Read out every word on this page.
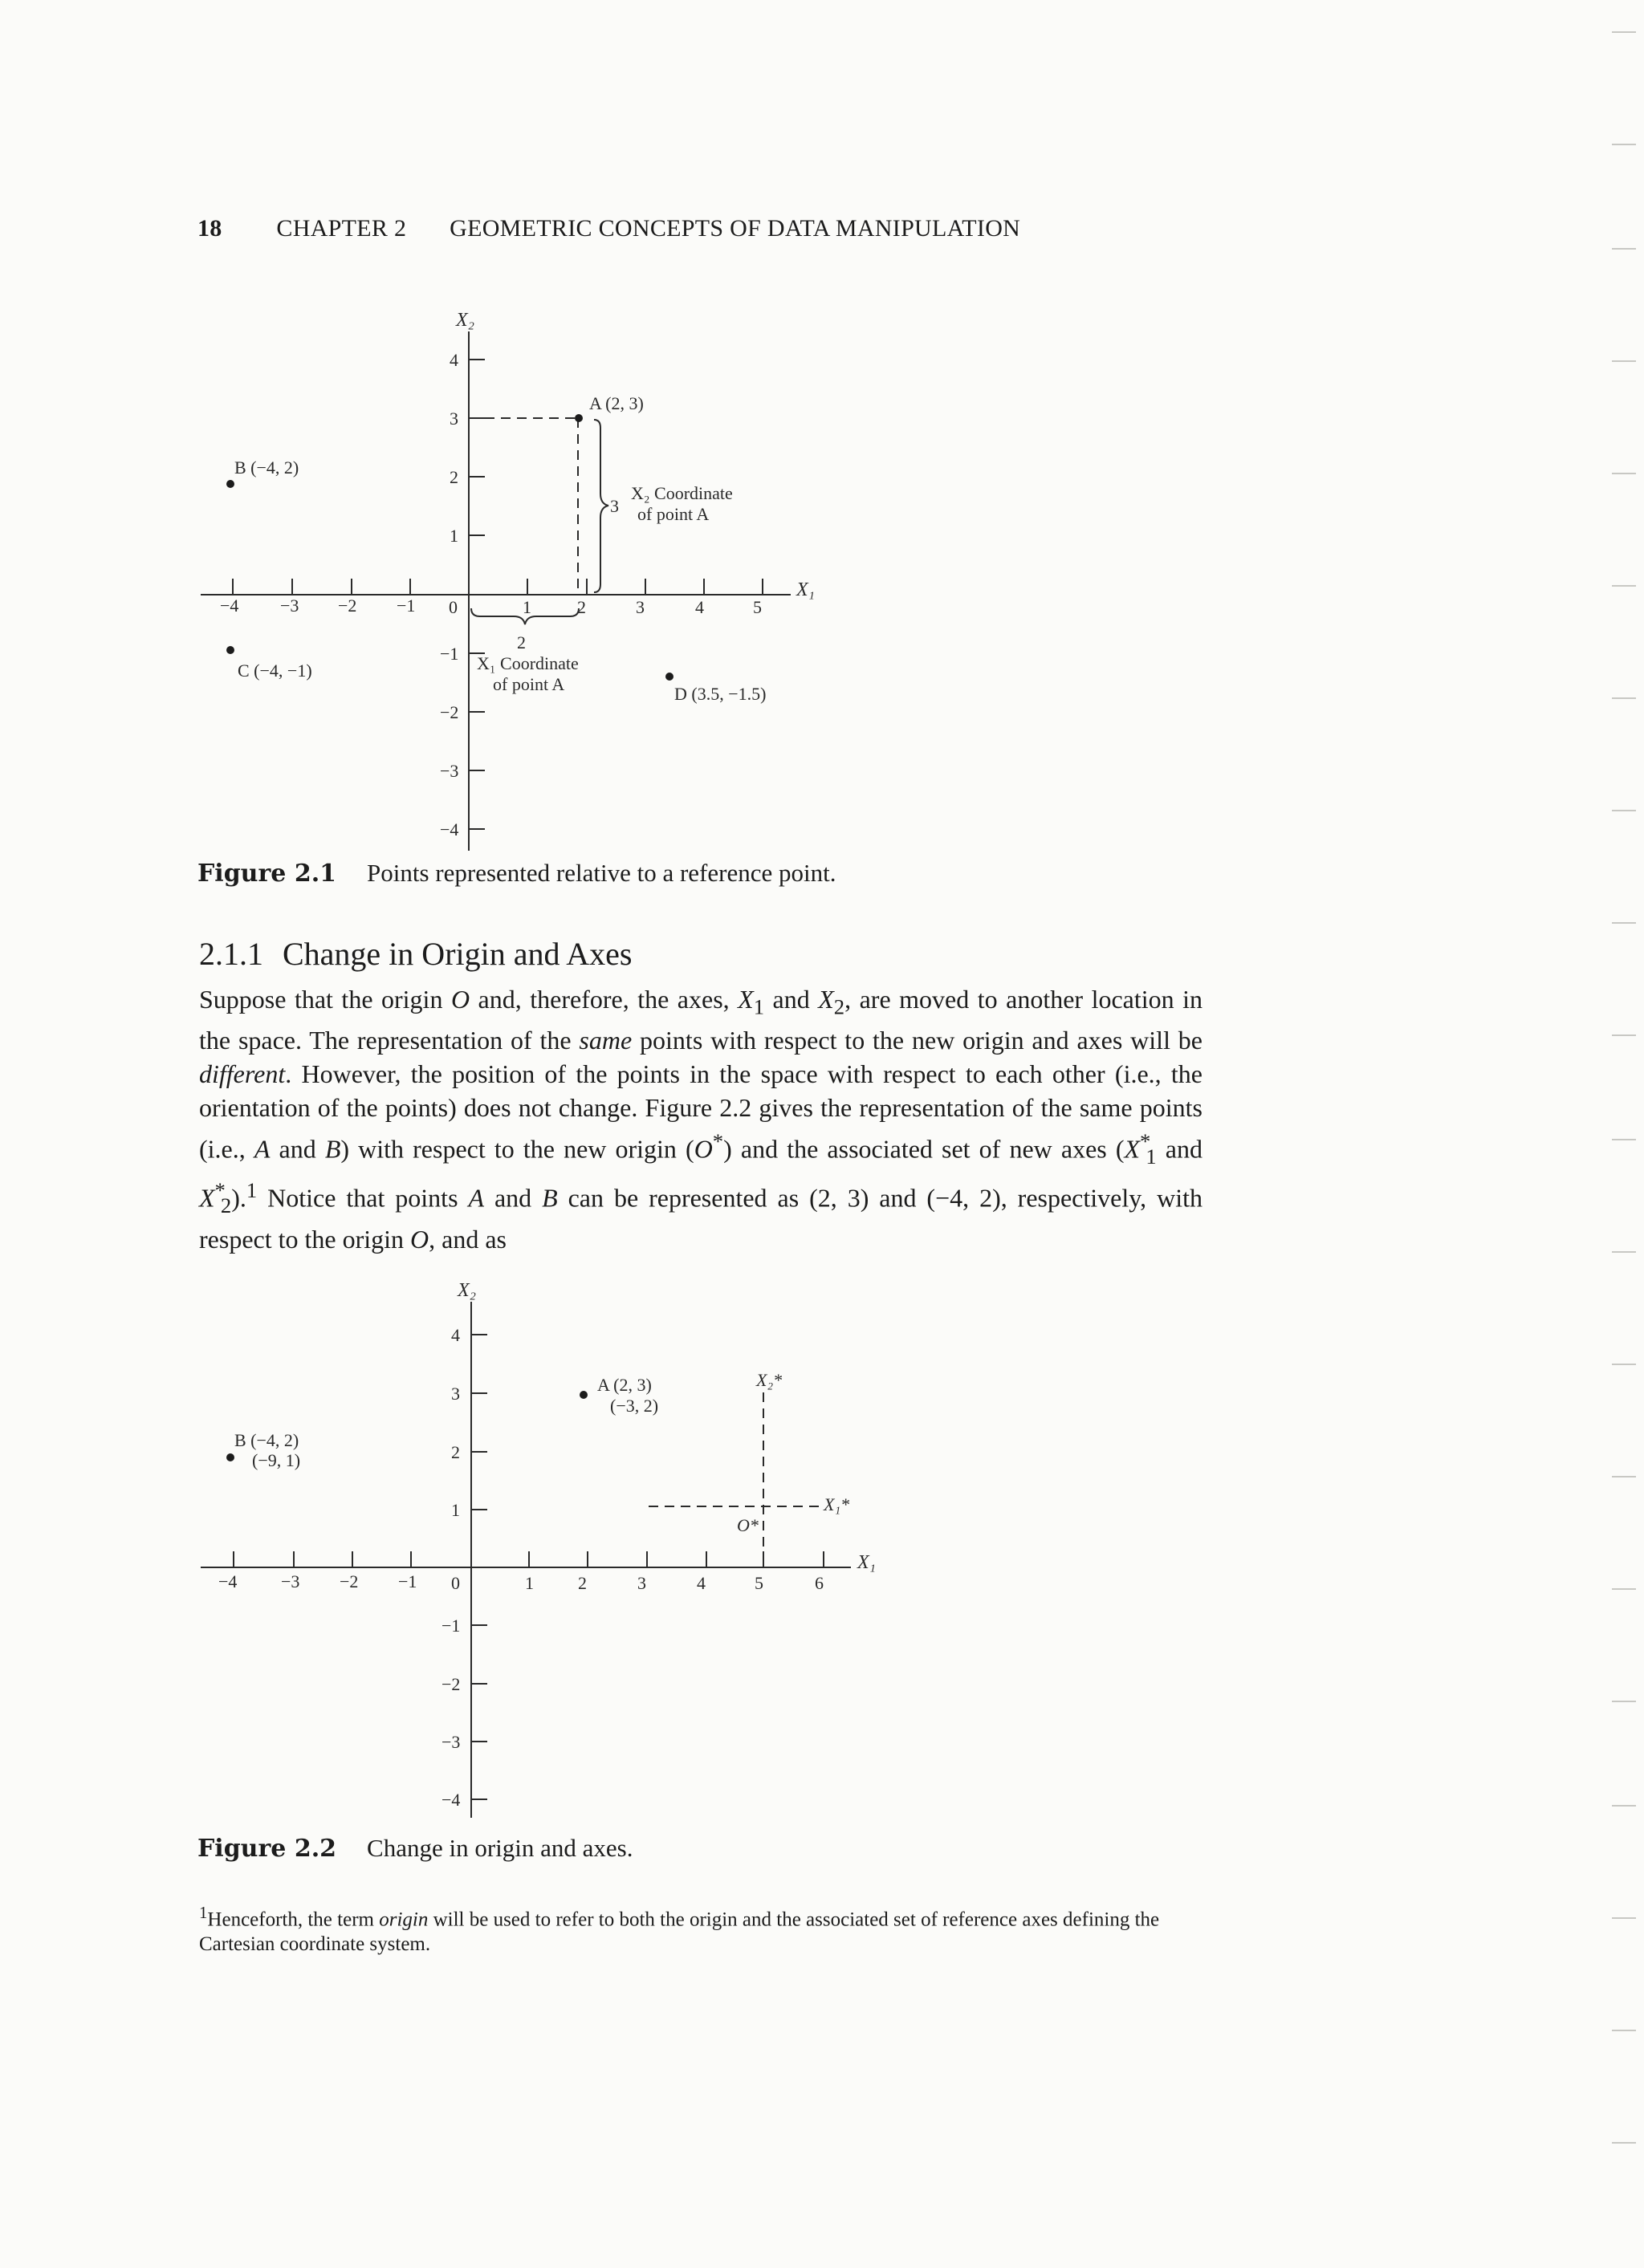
18 CHAPTER 2 GEOMETRIC CONCEPTS OF DATA MANIPULATION
X₂
X₁
−4 −3 −2 −1 0	1	2	3	4	5
4
3
2
1
−1
−2
−3
−4
A (2, 3)
B (−4, 2)
C (−4, −1)
D (3.5, −1.5)
3
X₂ Coordinate
of point A
2
X₁ Coordinate
of point A
Figure 2.1 Points represented relative to a reference point.
2.1.1 Change in Origin and Axes

Suppose that the origin O and, therefore, the axes, $X_1$ and $X_2$, are moved to another location in the space. The representation of the same points with respect to the new origin and axes will be different. However, the position of the points in the space with respect to each other (i.e., the orientation of the points) does not change. Figure 2.2 gives the representation of the same points (i.e., A and B) with respect to the new origin (O*) and the associated set of new axes ($X^*_1$ and $X^*_2).^1$ Notice that points A and B can be represented as (2, 3) and (−4, 2), respectively, with respect to the origin O, and as

X₂
X₁
−4 −3 −2 −1 0	1	2	3	4	5	6
4
3
2
1
−1
−2
−3
−4
A (2, 3)
(−3, 2)
B (−4, 2)
(−9, 1)
O*
X₂*
X₁*
Figure 2.2 Change in origin and axes.
$^1$Henceforth, the term origin will be used to refer to both the origin and the associated set of reference axes defining the Cartesian coordinate system.
